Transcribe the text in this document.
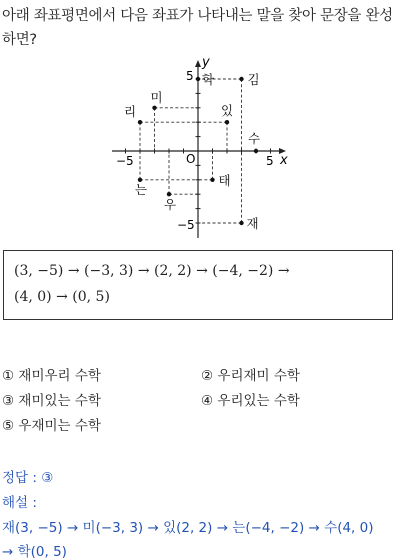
아래 좌표평면에서 다음 좌표가 나타내는 말을 찾아 문장을 완성하면?
학	김
미
있
리
수
태
는
우
재
y
x
O
−5	5
5
−5
(3, −5) → (−3, 3) → (2, 2) → (−4, −2) →
(4, 0) → (0, 5)
① 재미우리 수학	② 우리재미 수학
③ 재미있는 수학	④ 우리있는 수학
⑤ 우재미는 수학
정답 : ③
해설 :
재(3, −5) → 미(−3, 3) → 있(2, 2) → 는(−4, −2) → 수(4, 0)
→ 학(0, 5)
